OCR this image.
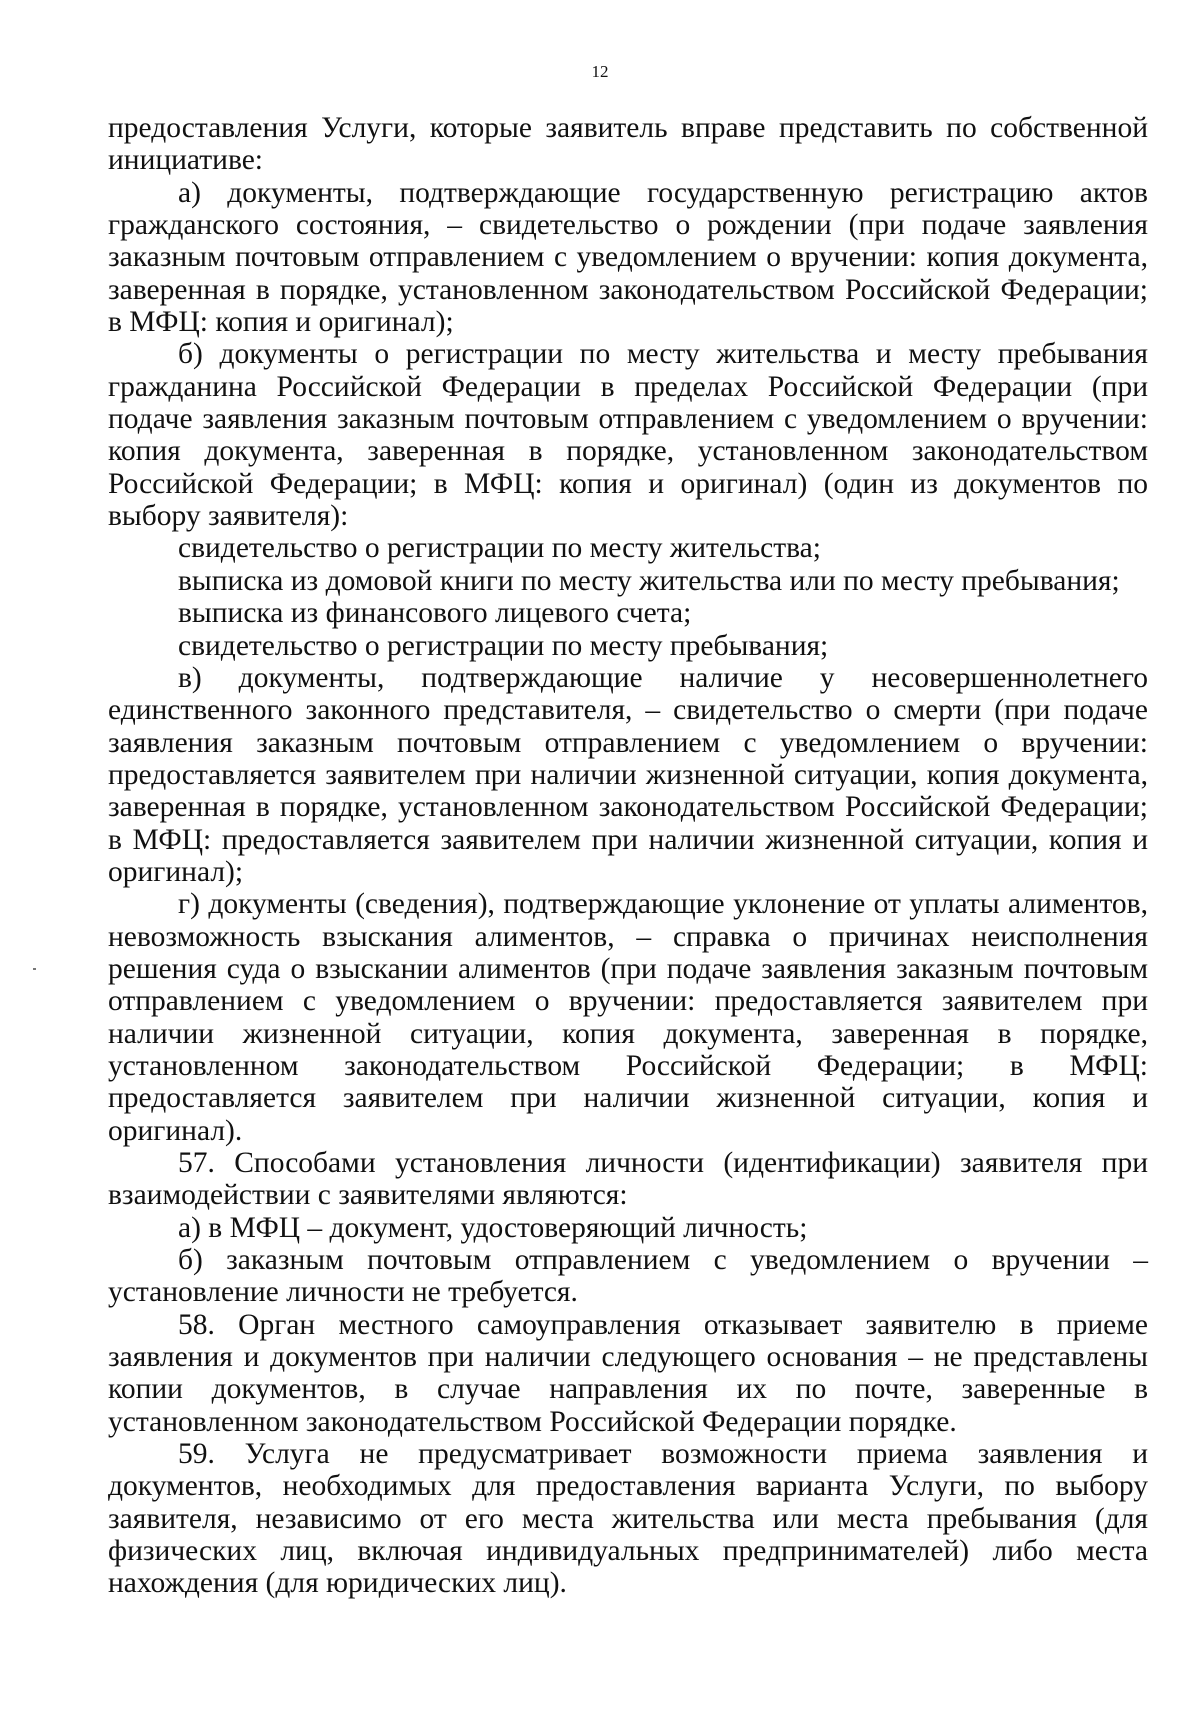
12

предоставления Услуги, которые заявитель вправе представить по собственной инициативе:

а) документы, подтверждающие государственную регистрацию актов гражданского состояния, – свидетельство о рождении (при подаче заявления заказным почтовым отправлением с уведомлением о вручении: копия документа, заверенная в порядке, установленном законодательством Российской Федерации; в МФЦ: копия и оригинал);

б) документы о регистрации по месту жительства и месту пребывания гражданина Российской Федерации в пределах Российской Федерации (при подаче заявления заказным почтовым отправлением с уведомлением о вручении: копия документа, заверенная в порядке, установленном законодательством Российской Федерации; в МФЦ: копия и оригинал) (один из документов по выбору заявителя):

свидетельство о регистрации по месту жительства;

выписка из домовой книги по месту жительства или по месту пребывания;

выписка из финансового лицевого счета;

свидетельство о регистрации по месту пребывания;

в) документы, подтверждающие наличие у несовершеннолетнего единственного законного представителя, – свидетельство о смерти (при подаче заявления заказным почтовым отправлением с уведомлением о вручении: предоставляется заявителем при наличии жизненной ситуации, копия документа, заверенная в порядке, установленном законодательством Российской Федерации; в МФЦ: предоставляется заявителем при наличии жизненной ситуации, копия и оригинал);

г) документы (сведения), подтверждающие уклонение от уплаты алиментов, невозможность взыскания алиментов, – справка о причинах неисполнения решения суда о взыскании алиментов (при подаче заявления заказным почтовым отправлением с уведомлением о вручении: предоставляется заявителем при наличии жизненной ситуации, копия документа, заверенная в порядке, установленном законодательством Российской Федерации; в МФЦ: предоставляется заявителем при наличии жизненной ситуации, копия и оригинал).

57. Способами установления личности (идентификации) заявителя при взаимодействии с заявителями являются:

а) в МФЦ – документ, удостоверяющий личность;

б) заказным почтовым отправлением с уведомлением о вручении – установление личности не требуется.

58. Орган местного самоуправления отказывает заявителю в приеме заявления и документов при наличии следующего основания – не представлены копии документов, в случае направления их по почте, заверенные в установленном законодательством Российской Федерации порядке.

59. Услуга не предусматривает возможности приема заявления и документов, необходимых для предоставления варианта Услуги, по выбору заявителя, независимо от его места жительства или места пребывания (для физических лиц, включая индивидуальных предпринимателей) либо места нахождения (для юридических лиц).
